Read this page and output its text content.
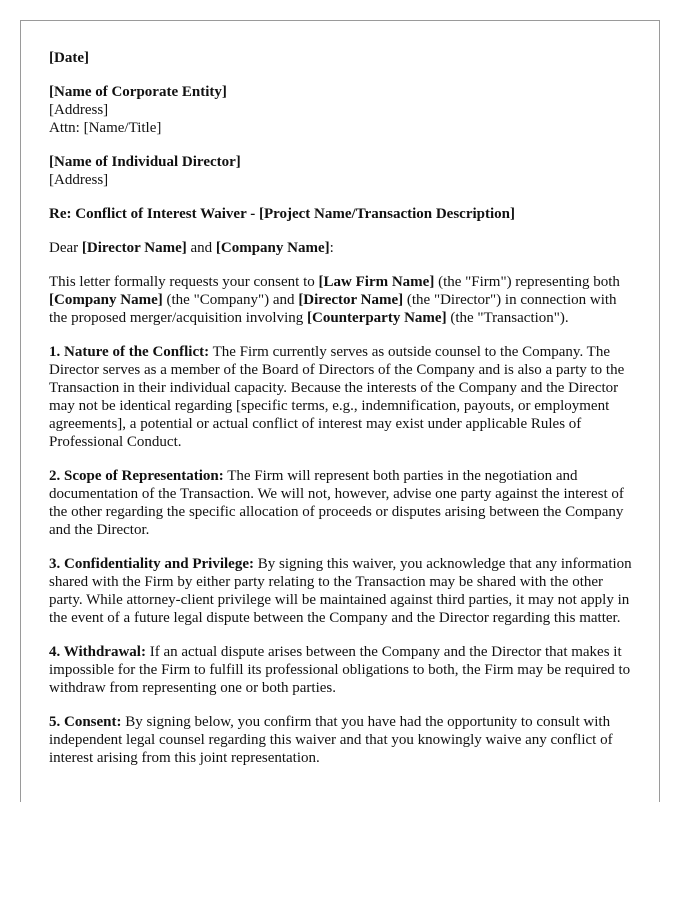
[Date]
[Name of Corporate Entity]
[Address]
Attn: [Name/Title]
[Name of Individual Director]
[Address]
Re: Conflict of Interest Waiver - [Project Name/Transaction Description]
Dear [Director Name] and [Company Name]:

This letter formally requests your consent to [Law Firm Name] (the "Firm") representing both [Company Name] (the "Company") and [Director Name] (the "Director") in connection with the proposed merger/acquisition involving [Counterparty Name] (the "Transaction").

1. Nature of the Conflict: The Firm currently serves as outside counsel to the Company. The Director serves as a member of the Board of Directors of the Company and is also a party to the Transaction in their individual capacity. Because the interests of the Company and the Director may not be identical regarding [specific terms, e.g., indemnification, payouts, or employment agreements], a potential or actual conflict of interest may exist under applicable Rules of Professional Conduct.

2. Scope of Representation: The Firm will represent both parties in the negotiation and documentation of the Transaction. We will not, however, advise one party against the interest of the other regarding the specific allocation of proceeds or disputes arising between the Company and the Director.

3. Confidentiality and Privilege: By signing this waiver, you acknowledge that any information shared with the Firm by either party relating to the Transaction may be shared with the other party. While attorney-client privilege will be maintained against third parties, it may not apply in the event of a future legal dispute between the Company and the Director regarding this matter.

4. Withdrawal: If an actual dispute arises between the Company and the Director that makes it impossible for the Firm to fulfill its professional obligations to both, the Firm may be required to withdraw from representing one or both parties.

5. Consent: By signing below, you confirm that you have had the opportunity to consult with independent legal counsel regarding this waiver and that you knowingly waive any conflict of interest arising from this joint representation.
